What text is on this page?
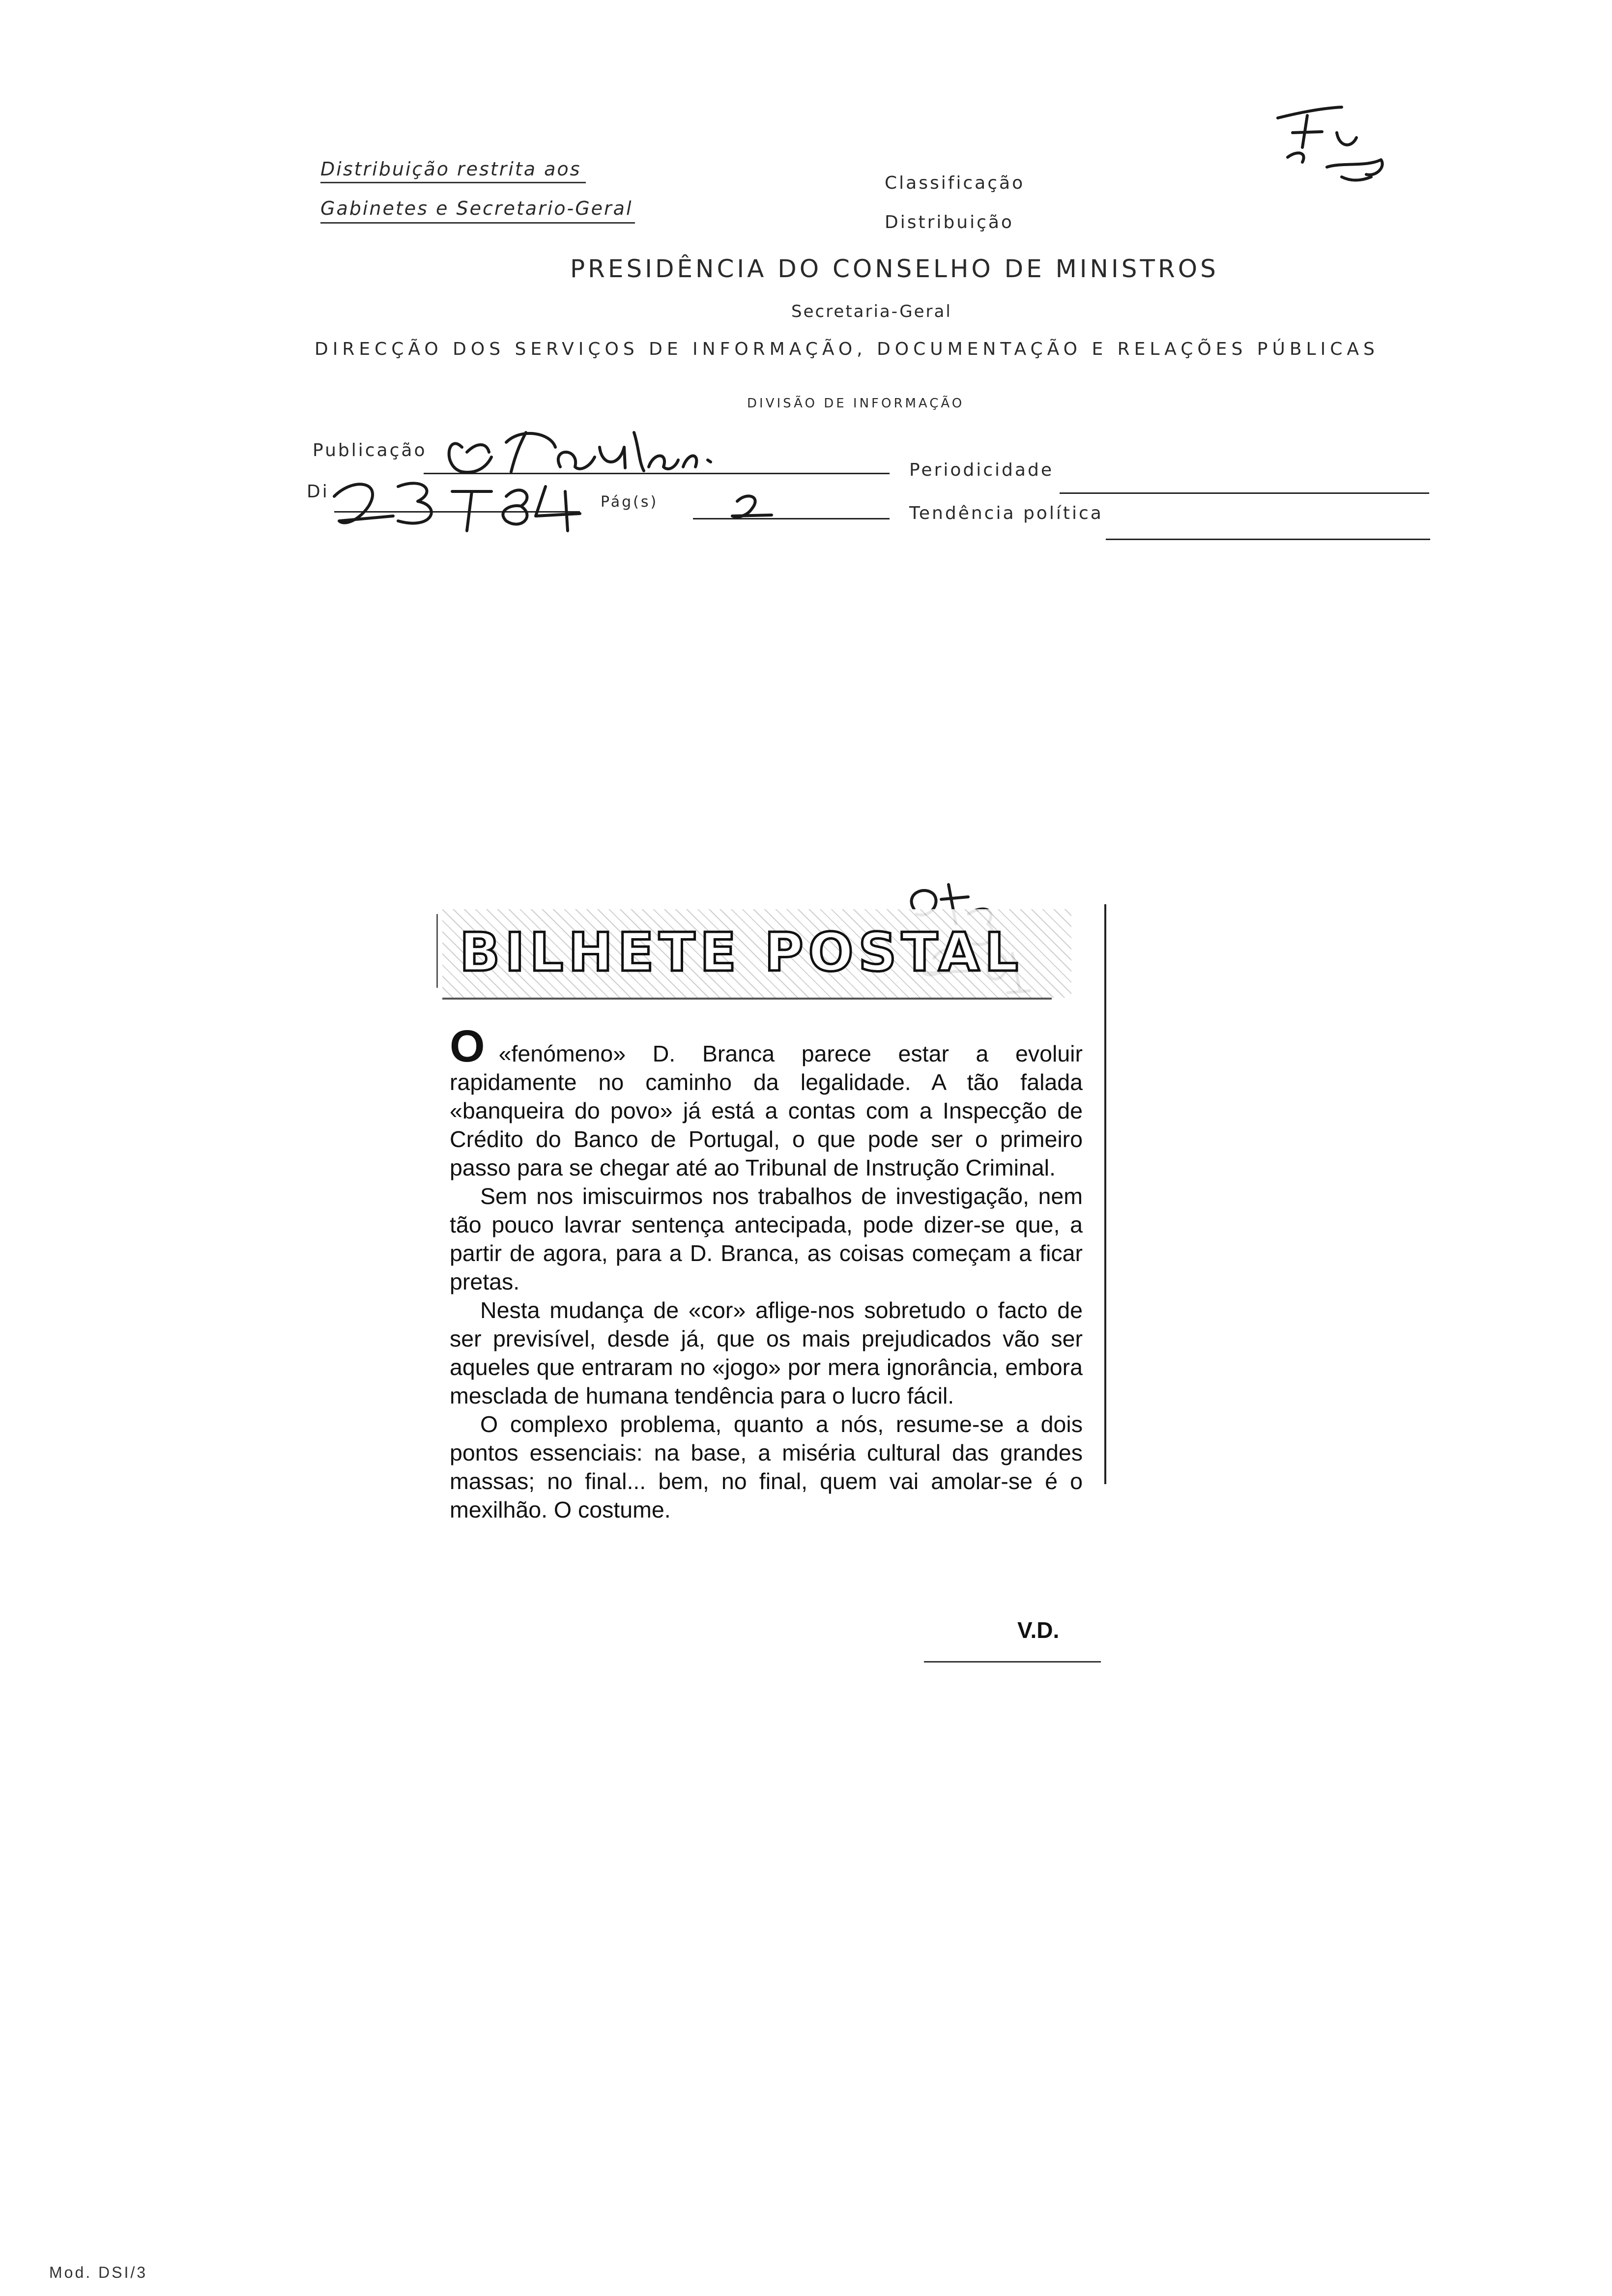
Distribuição restrita aos
Gabinetes e Secretario-Geral
Classificação
Distribuição
PRESIDÊNCIA DO CONSELHO DE MINISTROS
Secretaria-Geral
DIRECÇÃO DOS SERVIÇOS DE INFORMAÇÃO, DOCUMENTAÇÃO E RELAÇÕES PÚBLICAS
DIVISÃO DE INFORMAÇÃO
Publicação
Di
Pág(s)
Periodicidade
Tendência política
BILHETE POSTAL

O «fenómeno» D. Branca parece estar a evoluir rapidamente no caminho da legalidade. A tão falada «banqueira do povo» já está a contas com a Inspecção de Crédito do Banco de Portugal, o que pode ser o primeiro passo para se chegar até ao Tribunal de Instrução Criminal.

Sem nos imiscuirmos nos trabalhos de investigação, nem tão pouco lavrar sentença antecipada, pode dizer-se que, a partir de agora, para a D. Branca, as coisas começam a ficar pretas.

Nesta mudança de «cor» aflige-nos sobretudo o facto de ser previsível, desde já, que os mais prejudicados vão ser aqueles que entraram no «jogo» por mera ignorância, embora mesclada de humana tendência para o lucro fácil.

O complexo problema, quanto a nós, resume-se a dois pontos essenciais: na base, a miséria cultural das grandes massas; no final... bem, no final, quem vai amolar-se é o mexilhão. O costume.

V.D.
Mod. DSI/3
